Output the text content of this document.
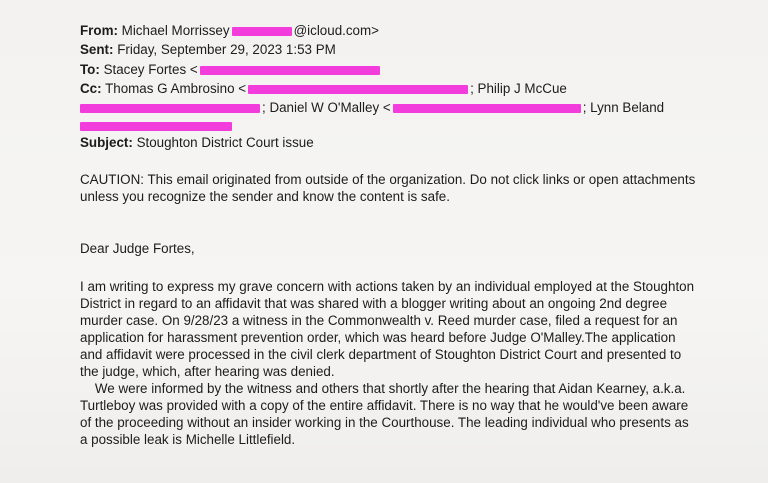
From: Michael Morrissey	@icloud.com>
Sent: Friday, September 29, 2023 1:53 PM
To: Stacey Fortes <
Cc: Thomas G Ambrosino <	; Philip J McCue
; Daniel W O'Malley <	; Lynn Beland
Subject: Stoughton District Court issue
CAUTION: This email originated from outside of the organization. Do not click links or open attachments
unless you recognize the sender and know the content is safe.
Dear Judge Fortes,
I am writing to express my grave concern with actions taken by an individual employed at the Stoughton
District in regard to an affidavit that was shared with a blogger writing about an ongoing 2nd degree
murder case. On 9/28/23 a witness in the Commonwealth v. Reed murder case, filed a request for an
application for harassment prevention order, which was heard before Judge O'Malley.The application
and affidavit were processed in the civil clerk department of Stoughton District Court and presented to
the judge, which, after hearing was denied.
We were informed by the witness and others that shortly after the hearing that Aidan Kearney, a.k.a.
Turtleboy was provided with a copy of the entire affidavit. There is no way that he would've been aware
of the proceeding without an insider working in the Courthouse. The leading individual who presents as
a possible leak is Michelle Littlefield.
